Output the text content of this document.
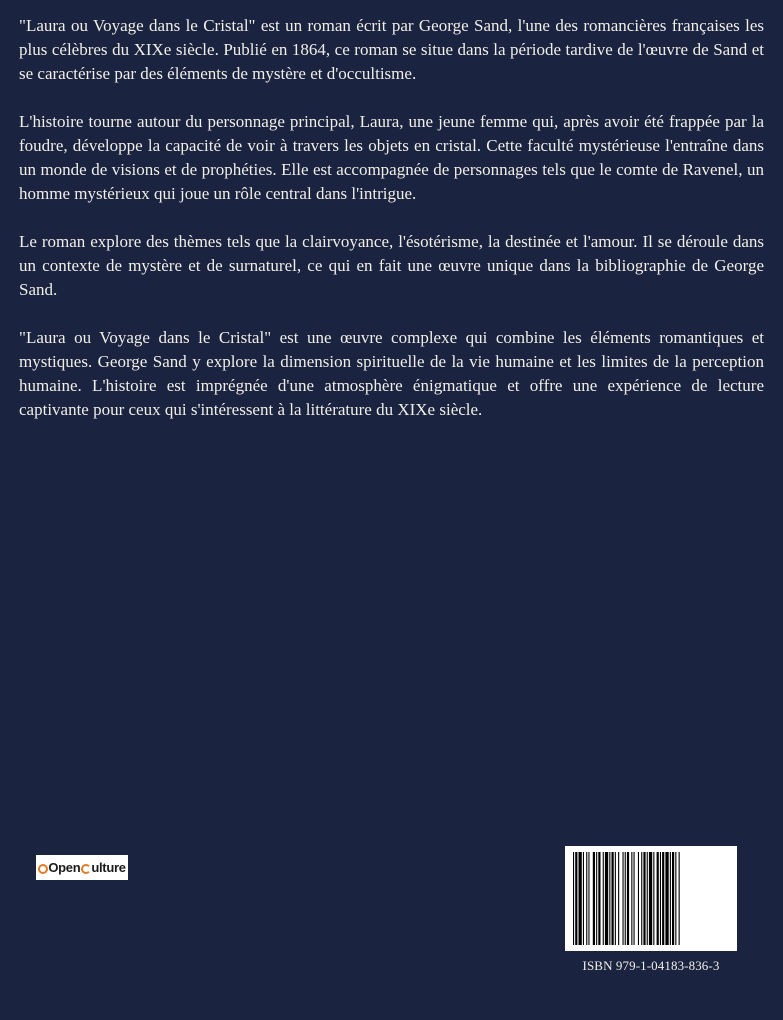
"Laura ou Voyage dans le Cristal" est un roman écrit par George Sand, l'une des romancières françaises les plus célèbres du XIXe siècle. Publié en 1864, ce roman se situe dans la période tardive de l'œuvre de Sand et se caractérise par des éléments de mystère et d'occultisme.

L'histoire tourne autour du personnage principal, Laura, une jeune femme qui, après avoir été frappée par la foudre, développe la capacité de voir à travers les objets en cristal. Cette faculté mystérieuse l'entraîne dans un monde de visions et de prophéties. Elle est accompagnée de personnages tels que le comte de Ravenel, un homme mystérieux qui joue un rôle central dans l'intrigue.

Le roman explore des thèmes tels que la clairvoyance, l'ésotérisme, la destinée et l'amour. Il se déroule dans un contexte de mystère et de surnaturel, ce qui en fait une œuvre unique dans la bibliographie de George Sand.

"Laura ou Voyage dans le Cristal" est une œuvre complexe qui combine les éléments romantiques et mystiques. George Sand y explore la dimension spirituelle de la vie humaine et les limites de la perception humaine. L'histoire est imprégnée d'une atmosphère énigmatique et offre une expérience de lecture captivante pour ceux qui s'intéressent à la littérature du XIXe siècle.

Open ulture
ISBN 979-1-04183-836-3
